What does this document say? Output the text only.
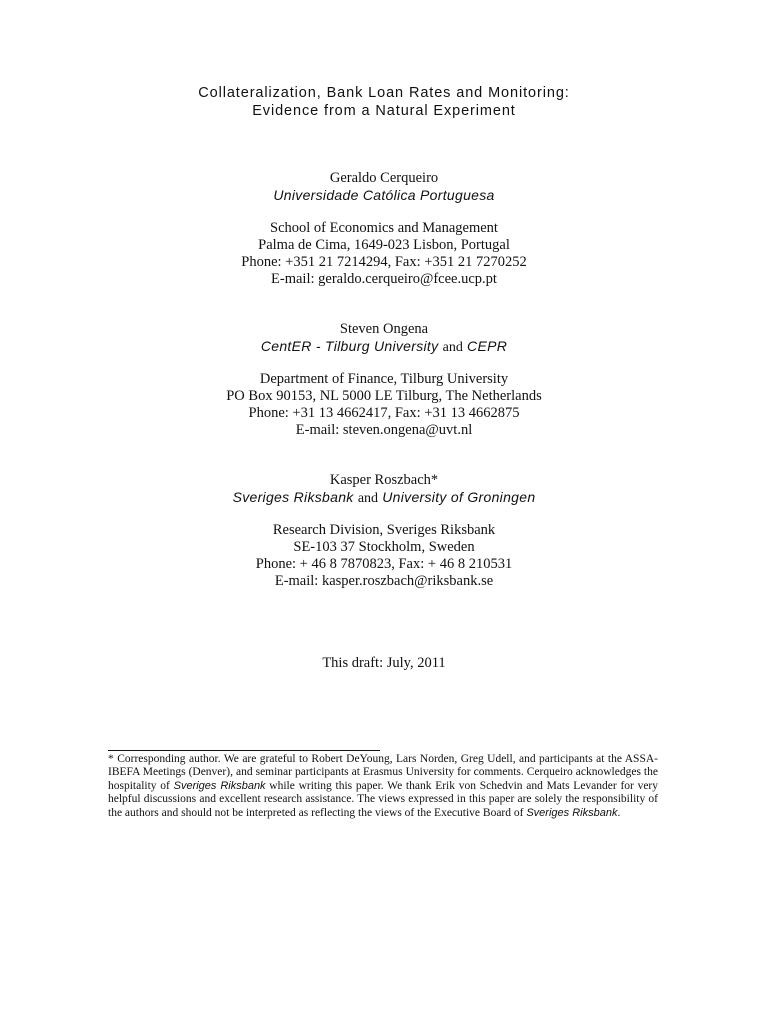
Collateralization, Bank Loan Rates and Monitoring:
Evidence from a Natural Experiment
Geraldo Cerqueiro
Universidade Católica Portuguesa
School of Economics and Management
Palma de Cima, 1649-023 Lisbon, Portugal
Phone: +351 21 7214294, Fax: +351 21 7270252
E-mail: geraldo.cerqueiro@fcee.ucp.pt
Steven Ongena
CentER - Tilburg University and CEPR
Department of Finance, Tilburg University
PO Box 90153, NL 5000 LE Tilburg, The Netherlands
Phone: +31 13 4662417, Fax: +31 13 4662875
E-mail: steven.ongena@uvt.nl
Kasper Roszbach*
Sveriges Riksbank and University of Groningen
Research Division, Sveriges Riksbank
SE-103 37 Stockholm, Sweden
Phone: + 46 8 7870823, Fax: + 46 8 210531
E-mail: kasper.roszbach@riksbank.se
This draft: July, 2011
* Corresponding author. We are grateful to Robert DeYoung, Lars Norden, Greg Udell, and participants at the ASSA-IBEFA Meetings (Denver), and seminar participants at Erasmus University for comments. Cerqueiro acknowledges the hospitality of Sveriges Riksbank while writing this paper. We thank Erik von Schedvin and Mats Levander for very helpful discussions and excellent research assistance. The views expressed in this paper are solely the responsibility of the authors and should not be interpreted as reflecting the views of the Executive Board of Sveriges Riksbank.
